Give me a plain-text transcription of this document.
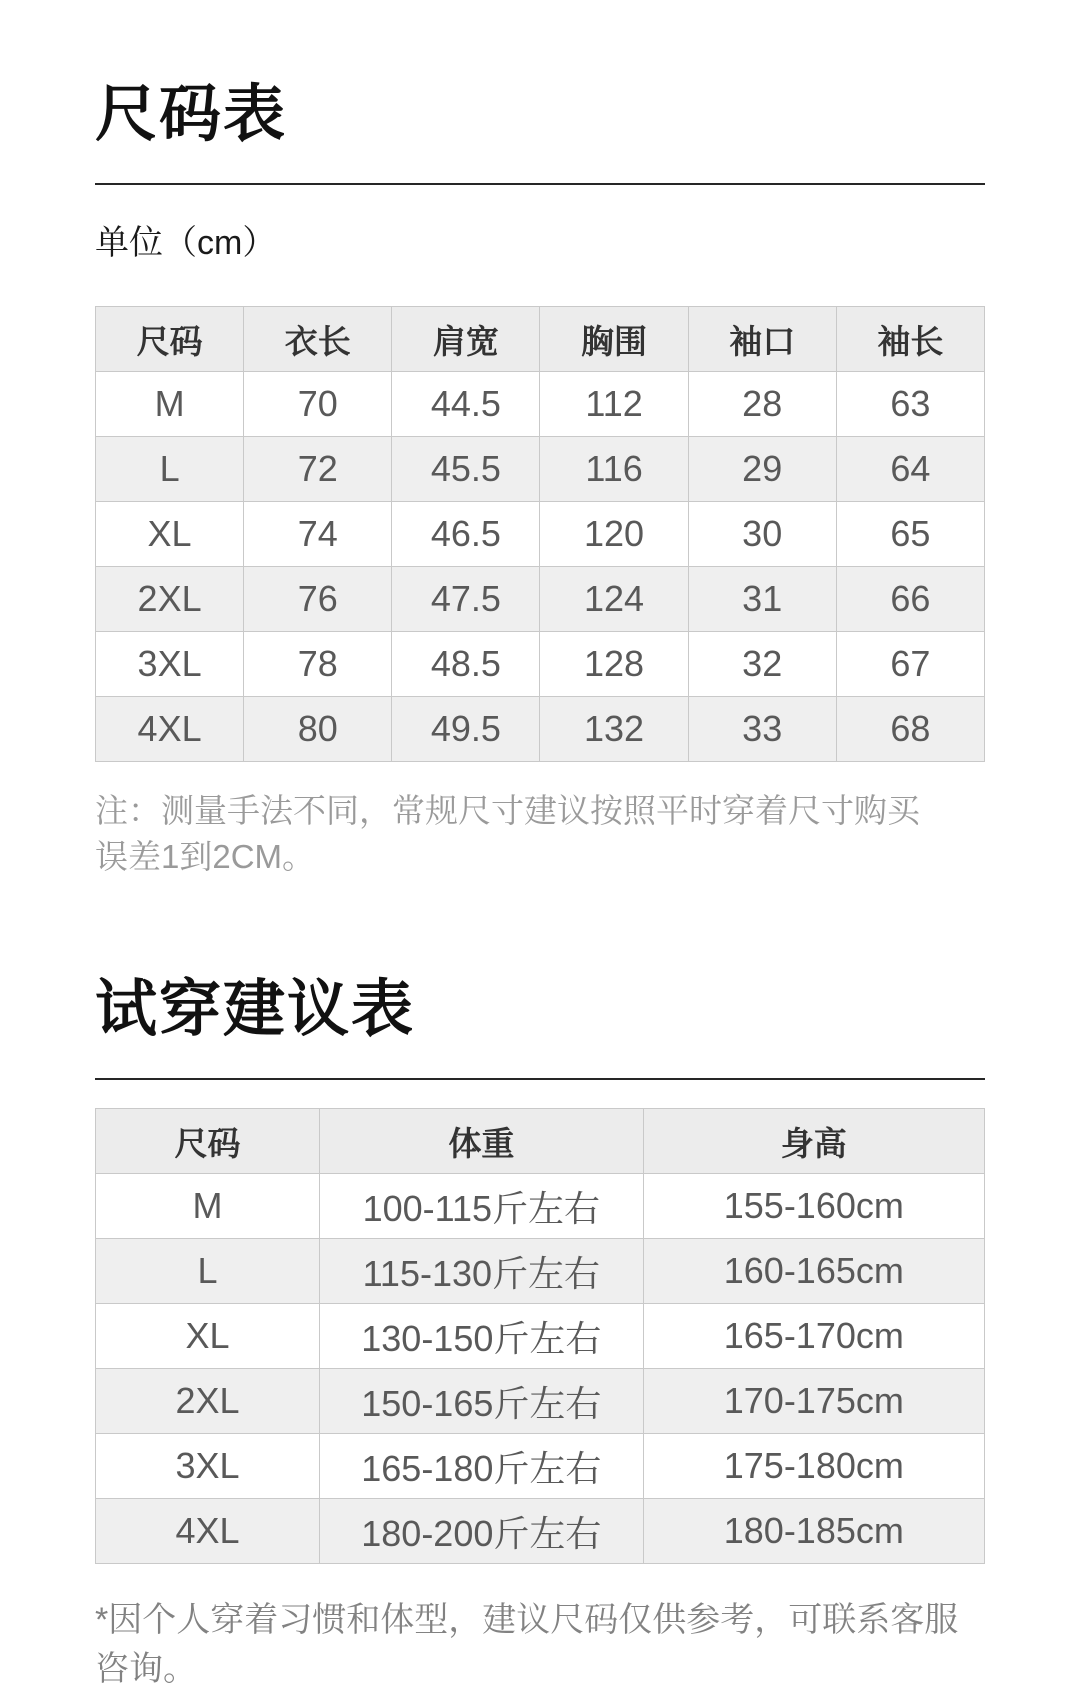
尺码表
单位（cm）
尺码	衣长	肩宽	胸围	袖口	袖长
M	70	44.5	112	28	63
L	72	45.5	116	29	64
XL	74	46.5	120	30	65
2XL	76	47.5	124	31	66
3XL	78	48.5	128	32	67
4XL	80	49.5	132	33	68

注：测量手法不同，常规尺寸建议按照平时穿着尺寸购买
误差1到2CM。

试穿建议表
尺码	体重	身高
M	100-115斤左右	155-160cm
L	115-130斤左右	160-165cm
XL	130-150斤左右	165-170cm
2XL	150-165斤左右	170-175cm
3XL	165-180斤左右	175-180cm
4XL	180-200斤左右	180-185cm

*因个人穿着习惯和体型，建议尺码仅供参考，可联系客服咨询。
